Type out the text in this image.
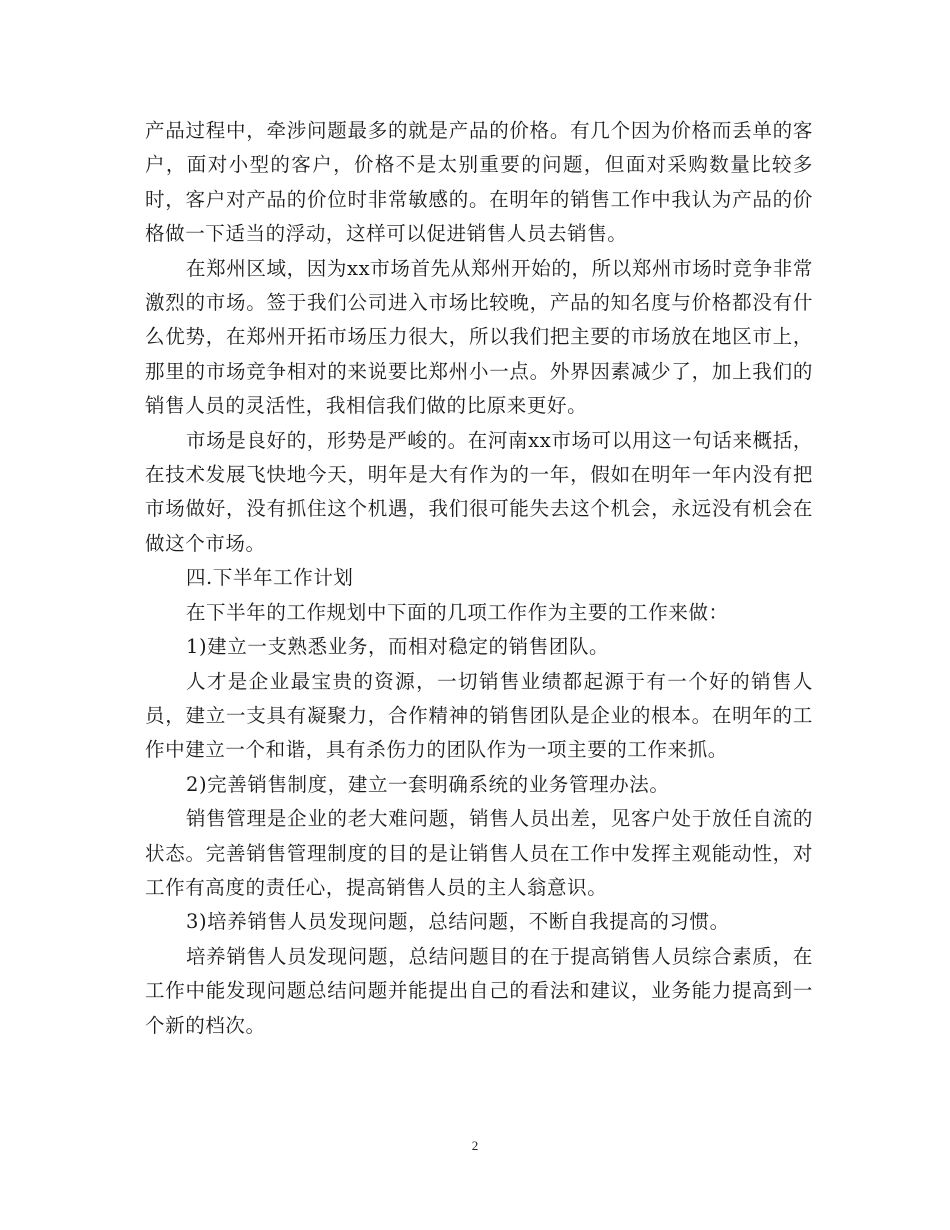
产品过程中，牵涉问题最多的就是产品的价格。有几个因为价格而丢单的客户，面对小型的客户，价格不是太别重要的问题，但面对采购数量比较多时，客户对产品的价位时非常敏感的。在明年的销售工作中我认为产品的价格做一下适当的浮动，这样可以促进销售人员去销售。

在郑州区域，因为xx市场首先从郑州开始的，所以郑州市场时竞争非常激烈的市场。签于我们公司进入市场比较晚，产品的知名度与价格都没有什么优势，在郑州开拓市场压力很大，所以我们把主要的市场放在地区市上，那里的市场竞争相对的来说要比郑州小一点。外界因素减少了，加上我们的销售人员的灵活性，我相信我们做的比原来更好。

市场是良好的，形势是严峻的。在河南xx市场可以用这一句话来概括，在技术发展飞快地今天，明年是大有作为的一年，假如在明年一年内没有把市场做好，没有抓住这个机遇，我们很可能失去这个机会，永远没有机会在做这个市场。

四.下半年工作计划

在下半年的工作规划中下面的几项工作作为主要的工作来做：

1)建立一支熟悉业务，而相对稳定的销售团队。

人才是企业最宝贵的资源，一切销售业绩都起源于有一个好的销售人员，建立一支具有凝聚力，合作精神的销售团队是企业的根本。在明年的工作中建立一个和谐，具有杀伤力的团队作为一项主要的工作来抓。

2)完善销售制度，建立一套明确系统的业务管理办法。

销售管理是企业的老大难问题，销售人员出差，见客户处于放任自流的状态。完善销售管理制度的目的是让销售人员在工作中发挥主观能动性，对工作有高度的责任心，提高销售人员的主人翁意识。

3)培养销售人员发现问题，总结问题，不断自我提高的习惯。

培养销售人员发现问题，总结问题目的在于提高销售人员综合素质，在工作中能发现问题总结问题并能提出自己的看法和建议，业务能力提高到一个新的档次。

2
